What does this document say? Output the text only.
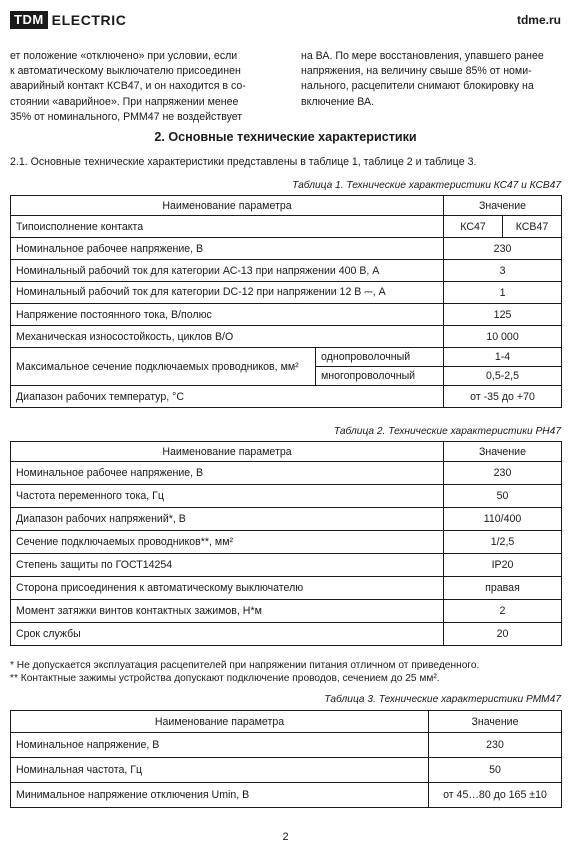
TDM ELECTRIC	tdme.ru
ет положение «отключено» при условии, если
к автоматическому выключателю присоединен
аварийный контакт КСВ47, и он находится в со-
стоянии «аварийное». При напряжении менее
35% от номинального, РММ47 не воздействует
на ВА. По мере восстановления, упавшего ранее
напряжения, на величину свыше 85% от номи-
нального, расцепители снимают блокировку на
включение ВА.
2. Основные технические характеристики
2.1. Основные технические характеристики представлены в таблице 1, таблице 2 и таблице 3.
Таблица 1. Технические характеристики КС47 и КСВ47
Наименование параметра		Значение	
Типоисполнение контакта		КС47	КСВ47
Номинальное рабочее напряжение, В		230	
Номинальный рабочий ток для категории АС-13 при напряжении 400 В, А		3	
Номинальный рабочий ток для категории DC-12 при напряжении 12 В ⎓, А		1	
Напряжение постоянного тока, В/полюс		125	
Механическая износостойкость, циклов В/О		10 000	
Максимальное сечение подключаемых проводников, мм²	однопроволочный	1-4	
	многопроволочный	0,5-2,5	
Диапазон рабочих температур, °С		от -35 до +70	
Таблица 2. Технические характеристики РН47
Наименование параметра	Значение
Номинальное рабочее напряжение, В	230
Частота переменного тока, Гц	50
Диапазон рабочих напряжений*, В	110/400
Сечение подключаемых проводников**, мм²	1/2,5
Степень защиты по ГОСТ14254	IP20
Сторона присоединения к автоматическому выключателю	правая
Момент затяжки винтов контактных зажимов, Н*м	2
Срок службы	20
* Не допускается эксплуатация расцепителей при напряжении питания отличном от приведенного.
** Контактные зажимы устройства допускают подключение проводов, сечением до 25 мм².
Таблица 3. Технические характеристики РММ47
Наименование параметра	Значение
Номинальное напряжение, В	230
Номинальная частота, Гц	50
Минимальное напряжение отключения Umin, В	от 45…80 до 165 ±10
2
